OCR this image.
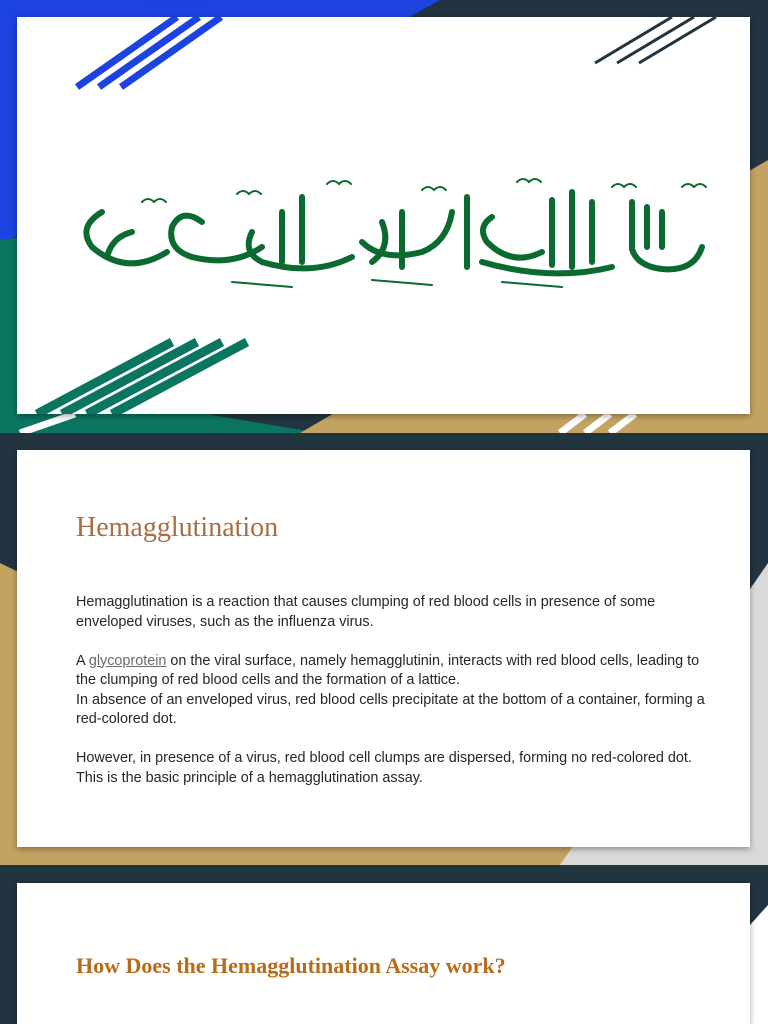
Hemagglutination

Hemagglutination is a reaction that causes clumping of red blood cells in presence of some enveloped viruses, such as the influenza virus.

A glycoprotein on the viral surface, namely hemagglutinin, interacts with red blood cells, leading to the clumping of red blood cells and the formation of a lattice.

In absence of an enveloped virus, red blood cells precipitate at the bottom of a container, forming a red-colored dot.

However, in presence of a virus, red blood cell clumps are dispersed, forming no red-colored dot. This is the basic principle of a hemagglutination assay.

How Does the Hemagglutination Assay work?
